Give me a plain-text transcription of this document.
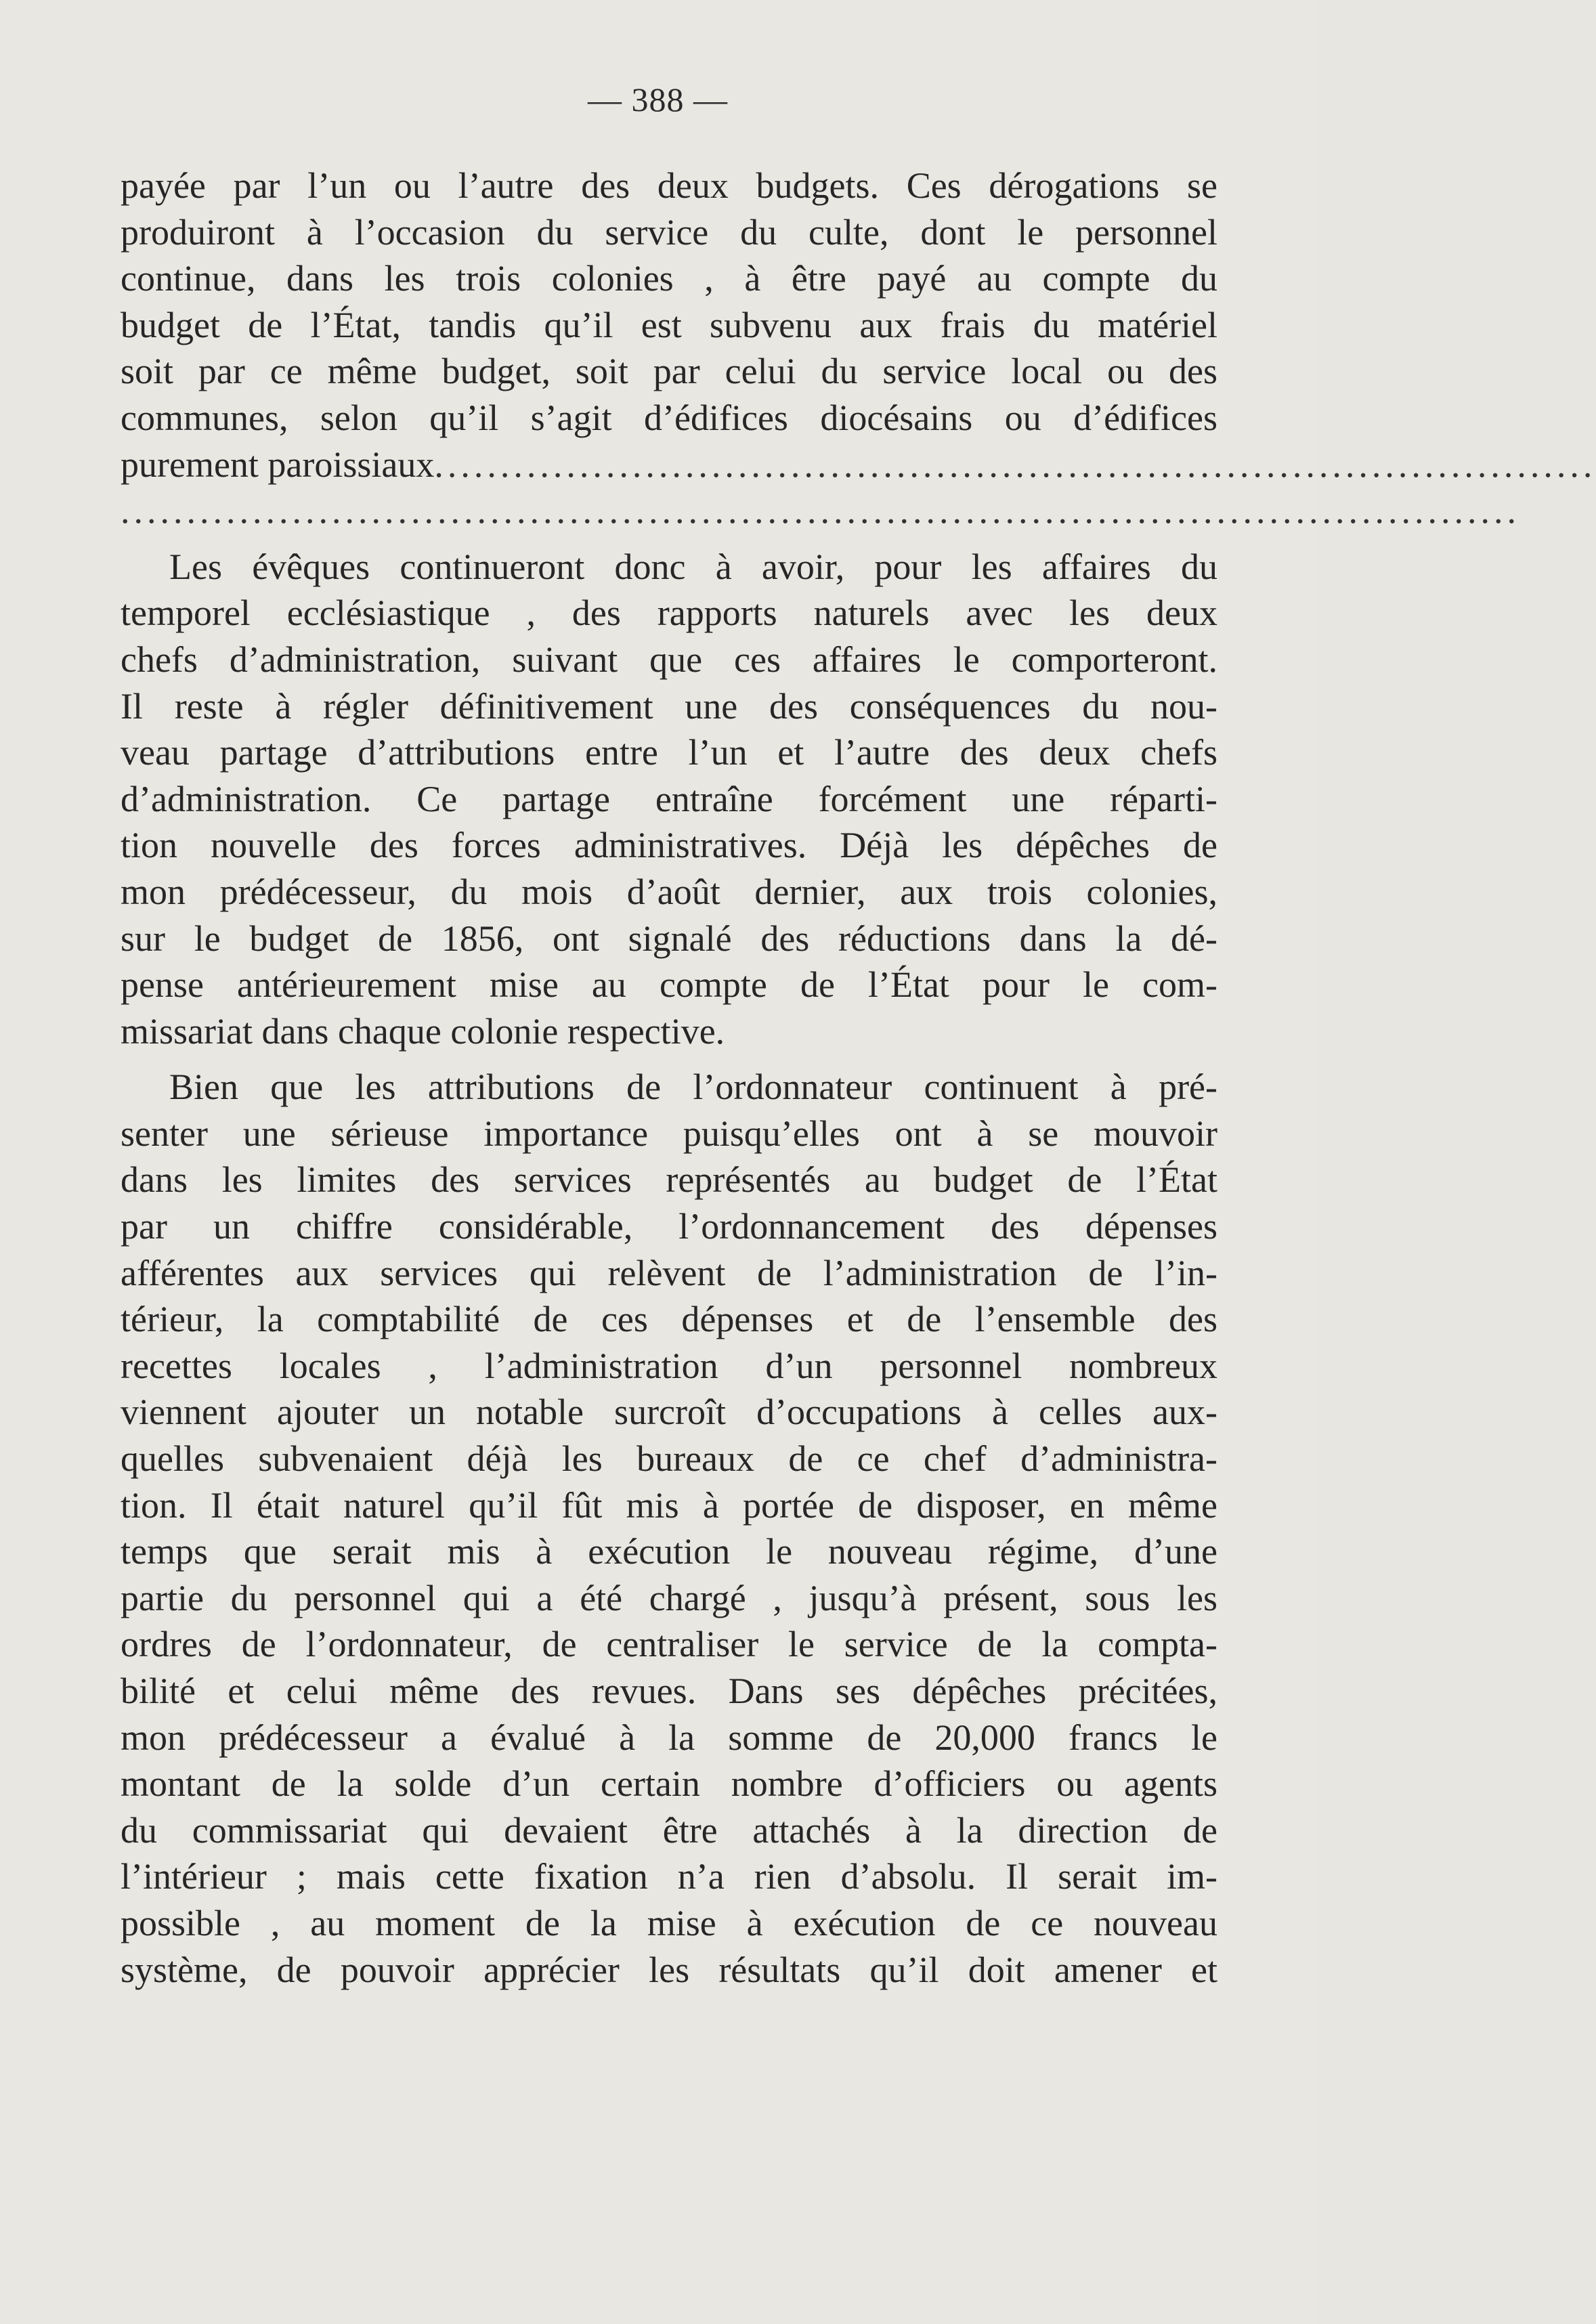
— 388 —
payée par l’un ou l’autre des deux budgets. Ces dérogations se
produiront à l’occasion du service du culte, dont le personnel
continue, dans les trois colonies , à être payé au compte du
budget de l’État, tandis qu’il est subvenu aux frais du matériel
soit par ce même budget, soit par celui du service local ou des
communes, selon qu’il s’agit d’édifices diocésains ou d’édifices
purement paroissiaux ........................................................................................
..........................................................................................................
Les évêques continueront donc à avoir, pour les affaires du
temporel ecclésiastique , des rapports naturels avec les deux
chefs d’administration, suivant que ces affaires le comporteront.
Il reste à régler définitivement une des conséquences du nou-
veau partage d’attributions entre l’un et l’autre des deux chefs
d’administration. Ce partage entraîne forcément une réparti-
tion nouvelle des forces administratives. Déjà les dépêches de
mon prédécesseur, du mois d’août dernier, aux trois colonies,
sur le budget de 1856, ont signalé des réductions dans la dé-
pense antérieurement mise au compte de l’État pour le com-
missariat dans chaque colonie respective.
Bien que les attributions de l’ordonnateur continuent à pré-
senter une sérieuse importance puisqu’elles ont à se mouvoir
dans les limites des services représentés au budget de l’État
par un chiffre considérable, l’ordonnancement des dépenses
afférentes aux services qui relèvent de l’administration de l’in-
térieur, la comptabilité de ces dépenses et de l’ensemble des
recettes locales , l’administration d’un personnel nombreux
viennent ajouter un notable surcroît d’occupations à celles aux-
quelles subvenaient déjà les bureaux de ce chef d’administra-
tion. Il était naturel qu’il fût mis à portée de disposer, en même
temps que serait mis à exécution le nouveau régime, d’une
partie du personnel qui a été chargé , jusqu’à présent, sous les
ordres de l’ordonnateur, de centraliser le service de la compta-
bilité et celui même des revues. Dans ses dépêches précitées,
mon prédécesseur a évalué à la somme de 20,000 francs le
montant de la solde d’un certain nombre d’officiers ou agents
du commissariat qui devaient être attachés à la direction de
l’intérieur ; mais cette fixation n’a rien d’absolu. Il serait im-
possible , au moment de la mise à exécution de ce nouveau
système, de pouvoir apprécier les résultats qu’il doit amener et
